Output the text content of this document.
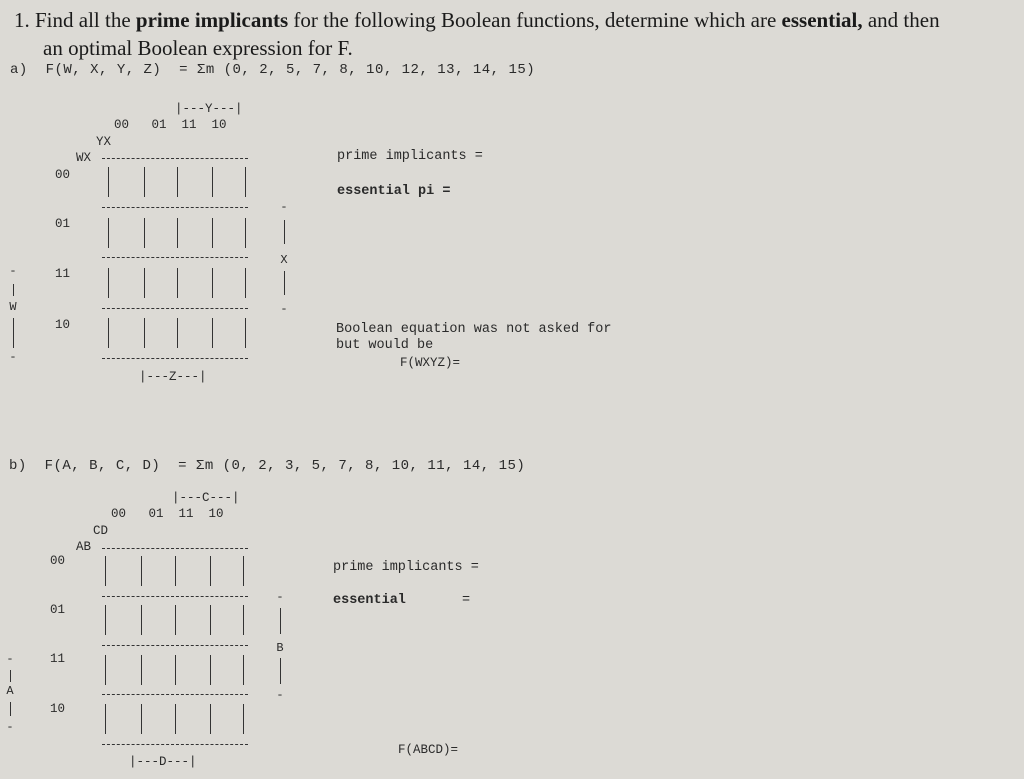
1. Find all the prime implicants for the following Boolean functions, determine which are essential, and then
an optimal Boolean expression for F.
a)  F(W, X, Y, Z)  = Σm (0, 2, 5, 7, 8, 10, 12, 13, 14, 15)
|---Y---|
00   01  11  10
YX
WX
00
01
11
10
-
X
-
-
W
-
|---Z---|
prime implicants =
essential pi =
Boolean equation was not asked for
but would be
F(WXYZ)=
b)  F(A, B, C, D)  = Σm (0, 2, 3, 5, 7, 8, 10, 11, 14, 15)
|---C---|
00   01  11  10
CD
AB
00
01
11
10
-
B
-
-
A
-
|---D---|
prime implicants =
essential	=
F(ABCD)=
